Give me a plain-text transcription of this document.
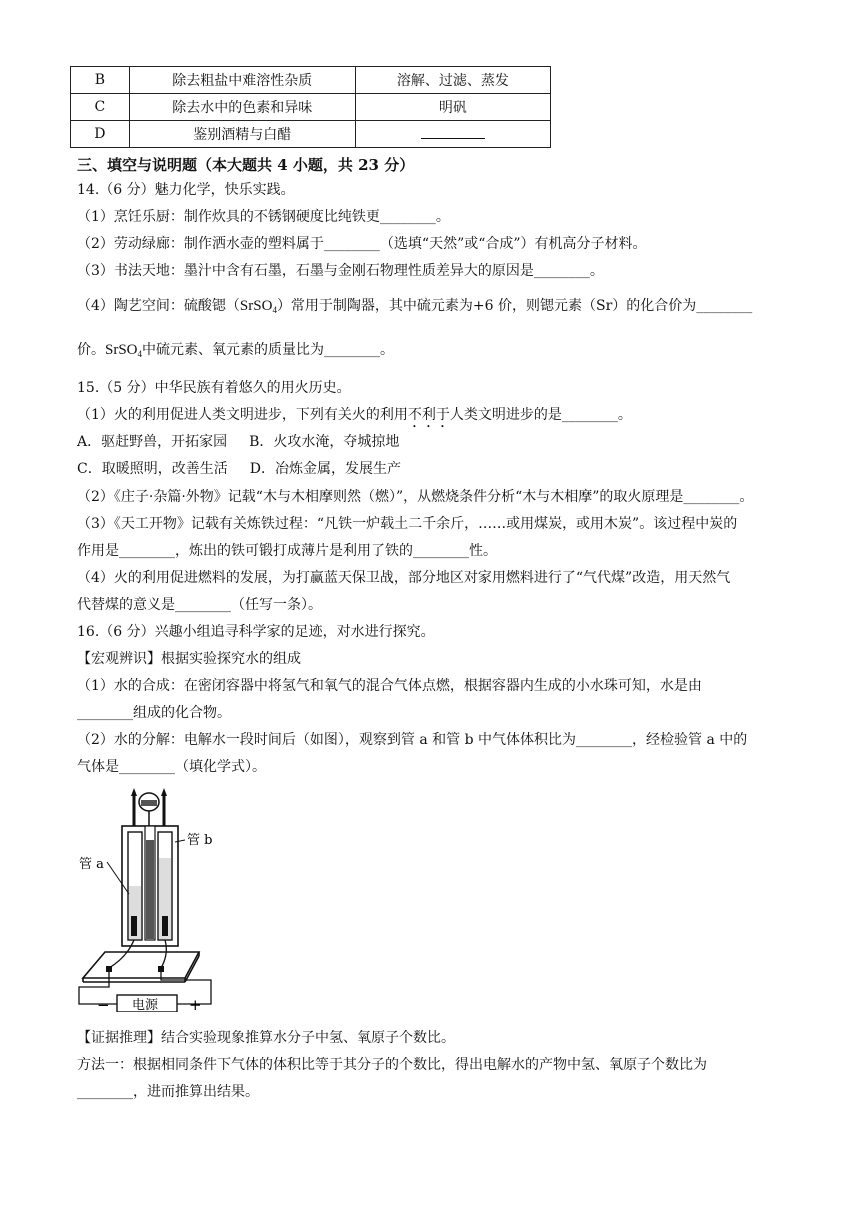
B	除去粗盐中难溶性杂质	溶解、过滤、蒸发
C	除去水中的色素和异味	明矾
D	鉴别酒精与白醋	
三、填空与说明题（本大题共 4 小题，共 23 分）
14.（6 分）魅力化学，快乐实践。
（1）烹饪乐厨：制作炊具的不锈钢硬度比纯铁更________。
（2）劳动绿廊：制作洒水壶的塑料属于________（选填“天然”或“合成”）有机高分子材料。
（3）书法天地：墨汁中含有石墨，石墨与金刚石物理性质差异大的原因是________。
（4）陶艺空间：硫酸锶（SrSO$_4$）常用于制陶器，其中硫元素为+6 价，则锶元素（Sr）的化合价为________
价。SrSO$_4$中硫元素、氧元素的质量比为________。
15.（5 分）中华民族有着悠久的用火历史。
（1）火的利用促进人类文明进步，下列有关火的利用不利于人类文明进步的是________。
A．驱赶野兽，开拓家园 B．火攻水淹，夺城掠地
C．取暖照明，改善生活 D．冶炼金属，发展生产
（2）《庄子·杂篇·外物》记载“木与木相摩则然（燃）”，从燃烧条件分析“木与木相摩”的取火原理是________。
（3）《天工开物》记载有关炼铁过程：“凡铁一炉载土二千余斤，……或用煤炭，或用木炭”。该过程中炭的
作用是________，炼出的铁可锻打成薄片是利用了铁的________性。
（4）火的利用促进燃料的发展，为打赢蓝天保卫战，部分地区对家用燃料进行了“气代煤”改造，用天然气
代替煤的意义是________（任写一条）。
16.（6 分）兴趣小组追寻科学家的足迹，对水进行探究。
【宏观辨识】根据实验探究水的组成
（1）水的合成：在密闭容器中将氢气和氧气的混合气体点燃，根据容器内生成的小水珠可知，水是由
________组成的化合物。
（2）水的分解：电解水一段时间后（如图），观察到管 a 和管 b 中气体体积比为________，经检验管 a 中的
气体是________（填化学式）。
管 a
管 b
电源
−	+
【证据推理】结合实验现象推算水分子中氢、氧原子个数比。
方法一：根据相同条件下气体的体积比等于其分子的个数比，得出电解水的产物中氢、氧原子个数比为
________，进而推算出结果。
